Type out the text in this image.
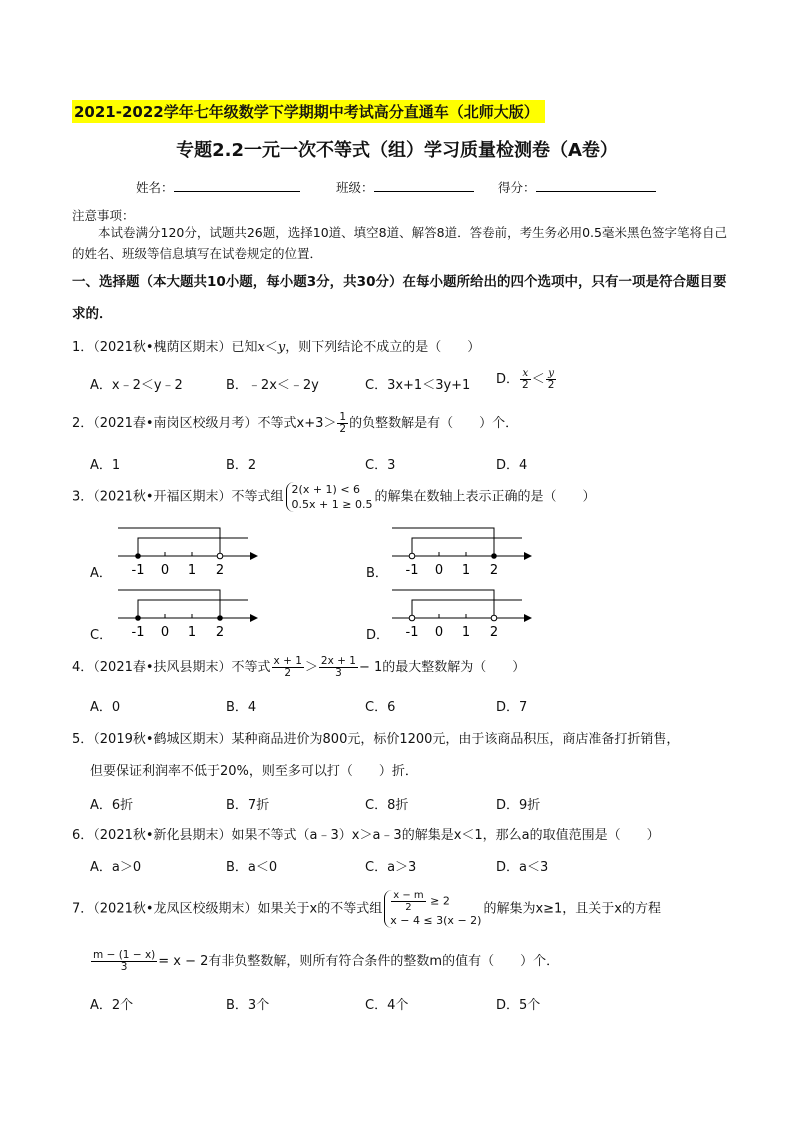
2021-2022学年七年级数学下学期期中考试高分直通车（北师大版）
专题2.2一元一次不等式（组）学习质量检测卷（A卷）
姓名：	班级：	得分：
注意事项：
本试卷满分120分，试题共26题，选择10道、填空8道、解答8道．答卷前，考生务必用0.5毫米黑色签字笔将自己的姓名、班级等信息填写在试卷规定的位置．
一、选择题（本大题共10小题，每小题3分，共30分）在每小题所给出的四个选项中，只有一项是符合题目要求的．
1．（2021秋•槐荫区期末）已知x＜y，则下列结论不成立的是（　　）
A．x﹣2＜y﹣2	B．﹣2x＜﹣2y	C．3x+1＜3y+1 D． $\frac{x}{2} < \frac{y}{2}$
2．（2021春•南岗区校级月考）不等式$x+3> \frac{1}{2}$ 的负整数解是有（　　）个．
A．1	B．2	C．3	D．4
3．（2021秋•开福区期末）不等式组 2(x + 1) < 6
0.5x + 1 ≥ 0.5 的解集在数轴上表示正确的是（　　）
A．	B．
C．	D．
-1 0 1 2	-1 0 1 2
-1 0 1 2	-1 0 1 2
4．（2021春•扶风县期末）不等式 $\frac{x + 1}{2} > \frac{2x + 1}{3} - 1$的最大整数解为（　　）
A．0	B．4	C．6	D．7
5．（2019秋•鹤城区期末）某种商品进价为800元，标价1200元，由于该商品积压，商店准备打折销售，
但要保证利润率不低于20%，则至多可以打（　　）折．
A．6折	B．7折	C．8折	D．9折
6．（2021秋•新化县期末）如果不等式（a﹣3）x＞a﹣3的解集是x＜1，那么a的取值范围是（　　）
A．a＞0	B．a＜0	C．a＞3	D．a＜3
7．（2021秋•龙凤区校级期末）如果关于x的不等式组 $\frac{x - m}{2} \ge 2$
x − 4 ≤ 3(x − 2)
的解集为x≥1，且关于x的方程
$\frac{m - (1 - x)}{3} = x - 2$有非负整数解，则所有符合条件的整数m的值有（　　）个．
A．2个	B．3个	C．4个	D．5个
